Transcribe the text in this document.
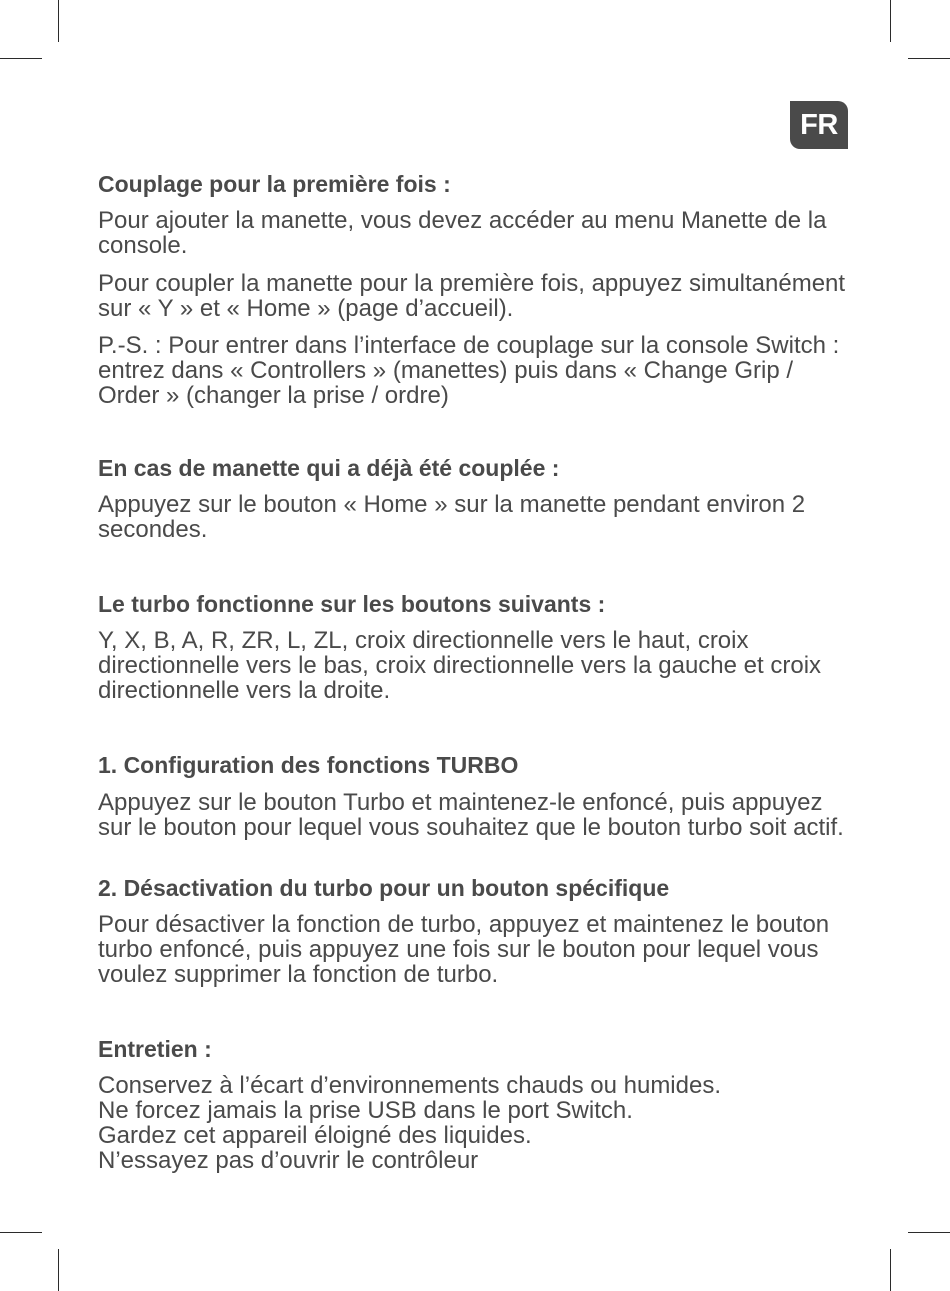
FR
Couplage pour la première fois :

Pour ajouter la manette, vous devez accéder au menu Manette de la console.

Pour coupler la manette pour la première fois, appuyez simultanément sur « Y » et « Home » (page d’accueil).

P.-S. : Pour entrer dans l’interface de couplage sur la console Switch : entrez dans « Controllers » (manettes) puis dans « Change Grip / Order » (changer la prise / ordre)

En cas de manette qui a déjà été couplée :

Appuyez sur le bouton « Home » sur la manette pendant environ 2 secondes.

Le turbo fonctionne sur les boutons suivants :

Y, X, B, A, R, ZR, L, ZL, croix directionnelle vers le haut, croix directionnelle vers le bas, croix directionnelle vers la gauche et croix directionnelle vers la droite.

1. Configuration des fonctions TURBO

Appuyez sur le bouton Turbo et maintenez-le enfoncé, puis appuyez sur le bouton pour lequel vous souhaitez que le bouton turbo soit actif.

2. Désactivation du turbo pour un bouton spécifique

Pour désactiver la fonction de turbo, appuyez et maintenez le bouton turbo enfoncé, puis appuyez une fois sur le bouton pour lequel vous voulez supprimer la fonction de turbo.

Entretien :

Conservez à l’écart d’environnements chauds ou humides.

Ne forcez jamais la prise USB dans le port Switch.

Gardez cet appareil éloigné des liquides.

N’essayez pas d’ouvrir le contrôleur
